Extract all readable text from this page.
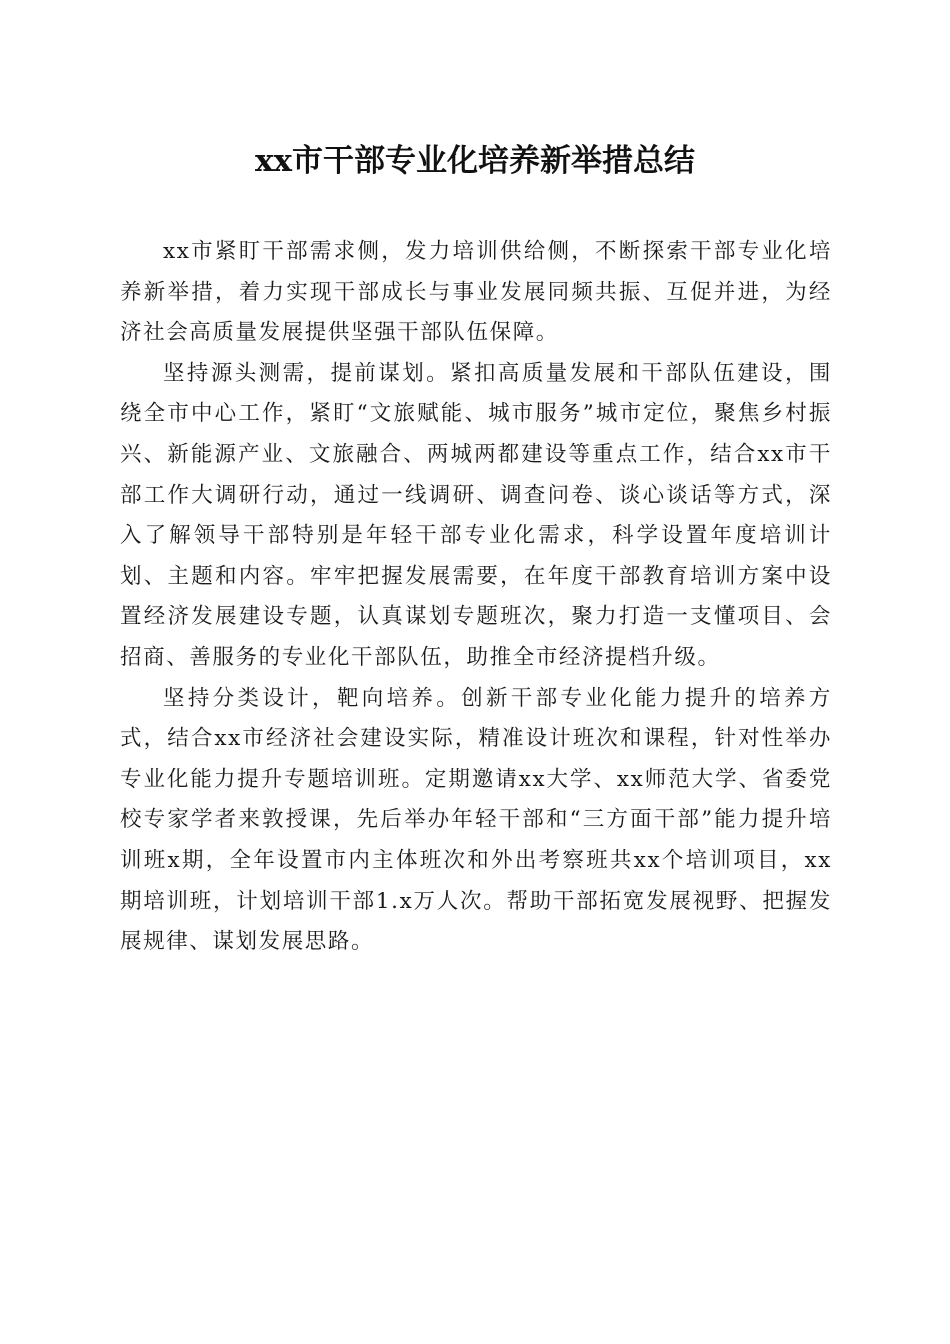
xx市干部专业化培养新举措总结

xx市紧盯干部需求侧，发力培训供给侧，不断探索干部专业化培养新举措，着力实现干部成长与事业发展同频共振、互促并进，为经济社会高质量发展提供坚强干部队伍保障。

坚持源头测需，提前谋划。紧扣高质量发展和干部队伍建设，围绕全市中心工作，紧盯“文旅赋能、城市服务”城市定位，聚焦乡村振兴、新能源产业、文旅融合、两城两都建设等重点工作，结合xx市干部工作大调研行动，通过一线调研、调查问卷、谈心谈话等方式，深入了解领导干部特别是年轻干部专业化需求，科学设置年度培训计划、主题和内容。牢牢把握发展需要，在年度干部教育培训方案中设置经济发展建设专题，认真谋划专题班次，聚力打造一支懂项目、会招商、善服务的专业化干部队伍，助推全市经济提档升级。

坚持分类设计，靶向培养。创新干部专业化能力提升的培养方式，结合xx市经济社会建设实际，精准设计班次和课程，针对性举办专业化能力提升专题培训班。定期邀请xx大学、xx师范大学、省委党校专家学者来敦授课，先后举办年轻干部和“三方面干部”能力提升培训班x期，全年设置市内主体班次和外出考察班共xx个培训项目，xx期培训班，计划培训干部1.x万人次。帮助干部拓宽发展视野、把握发展规律、谋划发展思路。
